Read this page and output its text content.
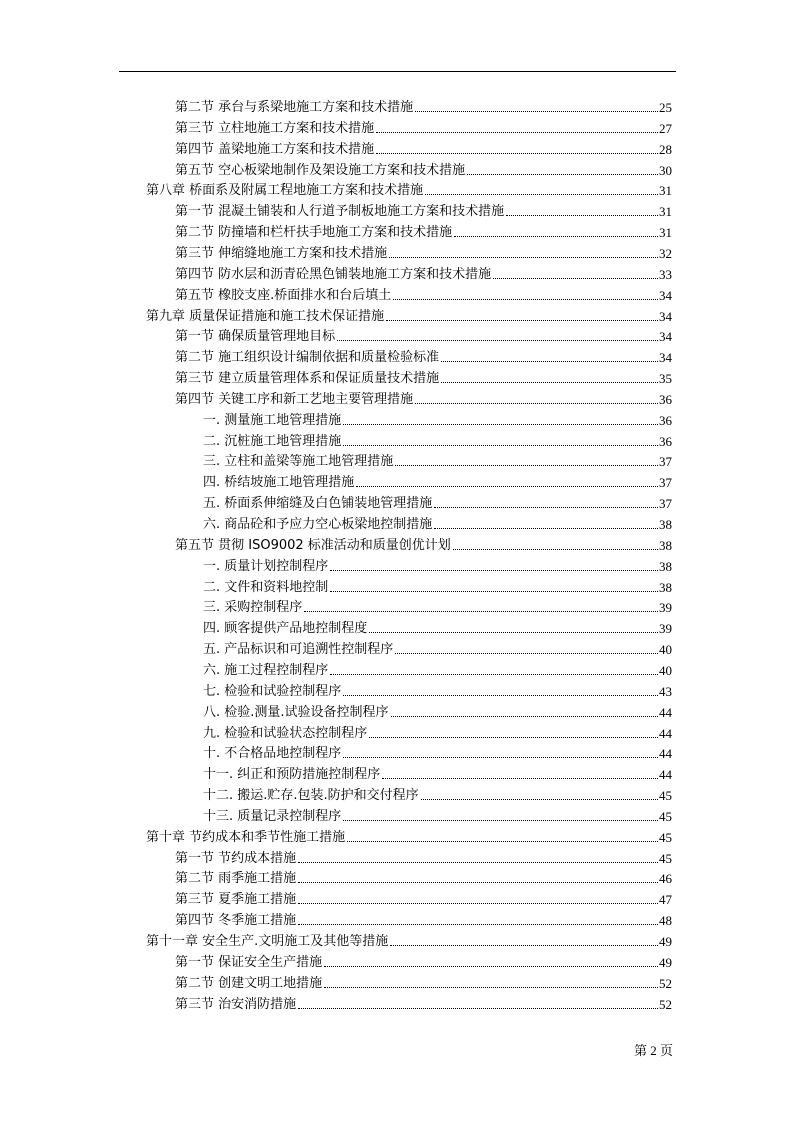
第二节 承台与系梁地施工方案和技术措施	25
第三节 立柱地施工方案和技术措施	27
第四节 盖梁地施工方案和技术措施	28
第五节 空心板梁地制作及架设施工方案和技术措施	30
第八章 桥面系及附属工程地施工方案和技术措施	31
第一节 混凝土铺装和人行道予制板地施工方案和技术措施	31
第二节 防撞墙和栏杆扶手地施工方案和技术措施	31
第三节 伸缩缝地施工方案和技术措施	32
第四节 防水层和沥青砼黑色铺装地施工方案和技术措施	33
第五节 橡胶支座.桥面排水和台后填土	34
第九章 质量保证措施和施工技术保证措施	34
第一节 确保质量管理地目标	34
第二节 施工组织设计编制依据和质量检验标准	34
第三节 建立质量管理体系和保证质量技术措施	35
第四节 关键工序和新工艺地主要管理措施	36
一. 测量施工地管理措施	36
二. 沉桩施工地管理措施	36
三. 立柱和盖梁等施工地管理措施	37
四. 桥结坡施工地管理措施	37
五. 桥面系伸缩缝及白色铺装地管理措施	37
六. 商品砼和予应力空心板梁地控制措施	38
第五节 贯彻 ISO9002 标准活动和质量创优计划	38
一. 质量计划控制程序	38
二. 文件和资料地控制	38
三. 采购控制程序	39
四. 顾客提供产品地控制程度	39
五. 产品标识和可追溯性控制程序	40
六. 施工过程控制程序	40
七. 检验和试验控制程序	43
八. 检验.测量.试验设备控制程序	44
九. 检验和试验状态控制程序	44
十. 不合格品地控制程序	44
十一. 纠正和预防措施控制程序	44
十二. 搬运.贮存.包装.防护和交付程序	45
十三. 质量记录控制程序	45
第十章 节约成本和季节性施工措施	45
第一节 节约成本措施	45
第二节 雨季施工措施	46
第三节 夏季施工措施	47
第四节 冬季施工措施	48
第十一章 安全生产.文明施工及其他等措施	49
第一节 保证安全生产措施	49
第二节 创建文明工地措施	52
第三节 治安消防措施	52
第 2 页
